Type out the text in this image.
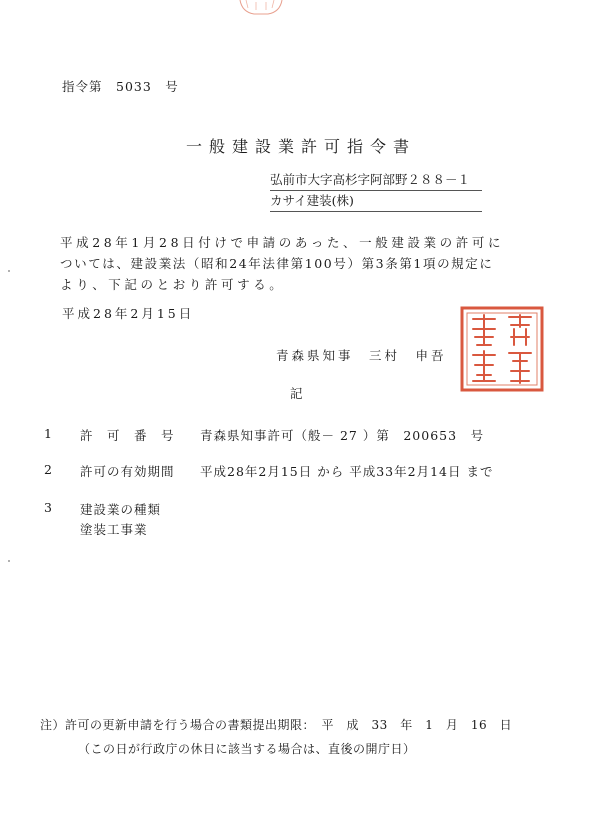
指令第　5033　号
一般建設業許可指令書
弘前市大字高杉字阿部野２８８－１
カサイ建装(株)

平成28年1月28日付けで申請のあった、一般建設業の許可に

ついては、建設業法（昭和24年法律第100号）第3条第1項の規定に

より、下記のとおり許可する。

平成28年2月15日
青森県知事　三村　申吾
記
1 許　可　番　号 青森県知事許可（般－ 27 ）第　200653　号
2 許可の有効期間 平成28年2月15日 から 平成33年2月14日 まで
3 建設業の種類
塗装工事業
注）許可の更新申請を行う場合の書類提出期限：　平　成　33　年　1　月　16　日
（この日が行政庁の休日に該当する場合は、直後の開庁日）
